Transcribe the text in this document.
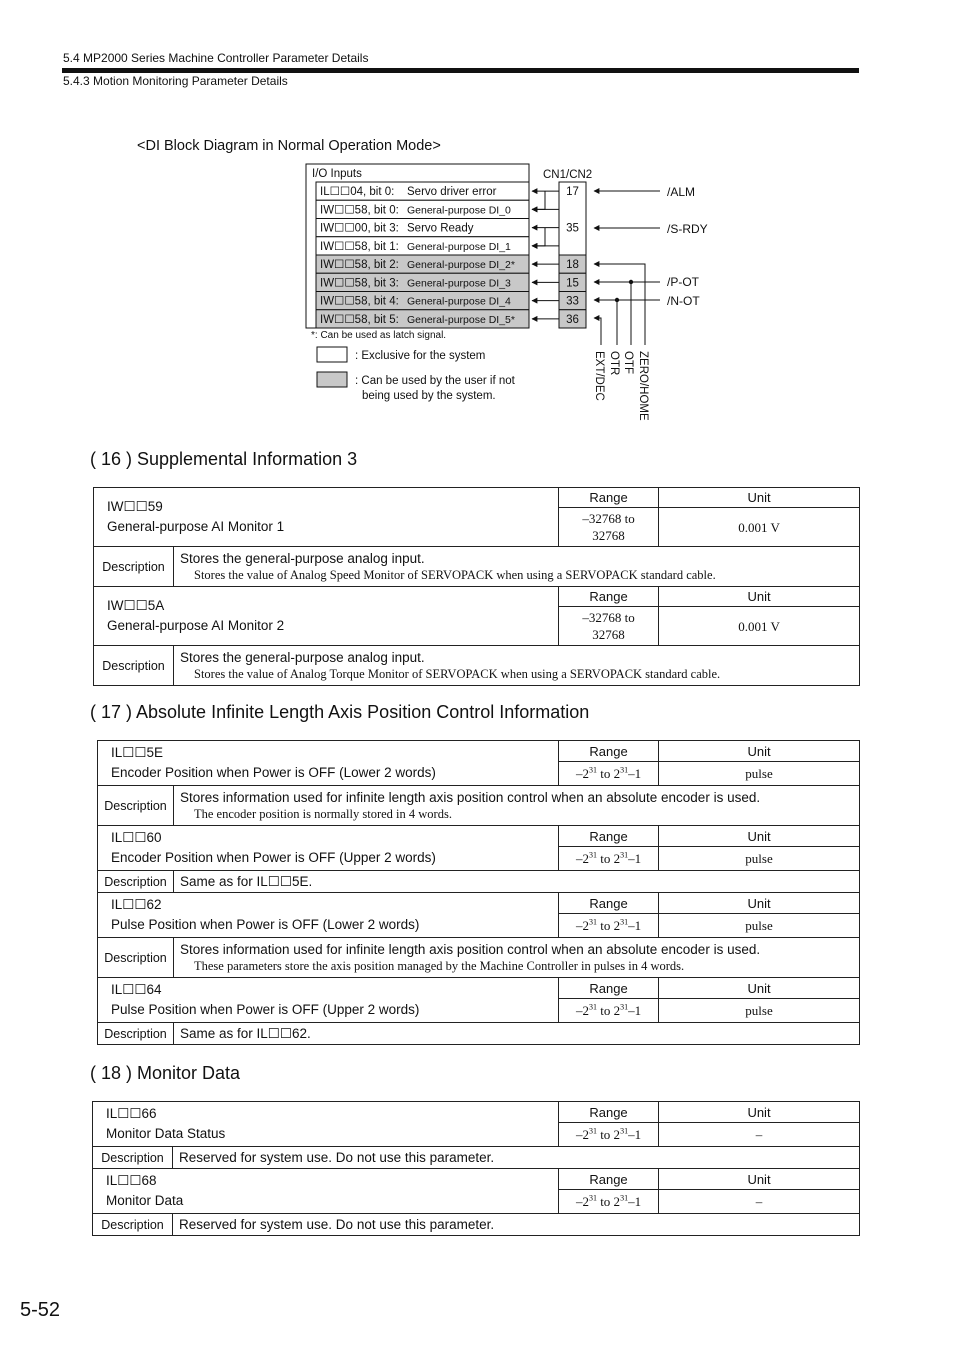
5.4 MP2000 Series Machine Controller Parameter Details
5.4.3 Motion Monitoring Parameter Details
<DI Block Diagram in Normal Operation Mode>
I/O Inputs	CN1/CN2
IL☐☐04, bit 0: Servo driver error	17
IW☐☐58, bit 0: General-purpose DI_0
IW☐☐00, bit 3: Servo Ready	35
IW☐☐58, bit 1: General-purpose DI_1
IW☐☐58, bit 2: General-purpose DI_2*	18
IW☐☐58, bit 3: General-purpose DI_3	15
IW☐☐58, bit 4: General-purpose DI_4	33
IW☐☐58, bit 5: General-purpose DI_5*	36
/ALM
/S-RDY
/P-OT
/N-OT
EXT/DEC OTR OTF ZERO/HOME
*: Can be used as latch signal.
: Exclusive for the system
: Can be used by the user if not
being used by the system.
( 16 ) Supplemental Information 3
IW☐☐59
General-purpose AI Monitor 1		Range	Unit

		–32768 to
32768	0.001 V
Description	Stores the general-purpose analog input.
Stores the value of Analog Speed Monitor of SERVOPACK when using a SERVOPACK standard cable.		

IW☐☐5A
General-purpose AI Monitor 2		Range	Unit

		–32768 to
32768	0.001 V
Description	Stores the general-purpose analog input.
Stores the value of Analog Torque Monitor of SERVOPACK when using a SERVOPACK standard cable.		
( 17 ) Absolute Infinite Length Axis Position Control Information
IL☐☐5E
Encoder Position when Power is OFF (Lower 2 words)		Range	Unit
		$-2^{31}$ to $2^{31}-1$	pulse
Description	Stores information used for infinite length axis position control when an absolute encoder is used.
The encoder position is normally stored in 4 words.		

IL☐☐60
Encoder Position when Power is OFF (Upper 2 words)		Range	Unit
		$-2^{31}$ to $2^{31}-1$	pulse
Description	Same as for IL☐☐5E.		

IL☐☐62
Pulse Position when Power is OFF (Lower 2 words)		Range	Unit
		$-2^{31}$ to $2^{31}-1$	pulse
Description	Stores information used for infinite length axis position control when an absolute encoder is used.
These parameters store the axis position managed by the Machine Controller in pulses in 4 words.		

IL☐☐64
Pulse Position when Power is OFF (Upper 2 words)		Range	Unit
		$-2^{31}$ to $2^{31}-1$	pulse
Description	Same as for IL☐☐62.		
( 18 ) Monitor Data
IL☐☐66
Monitor Data Status		Range	Unit
		$-2^{31}$ to $2^{31}-1$	–
Description	Reserved for system use. Do not use this parameter.		

IL☐☐68
Monitor Data		Range	Unit
		$-2^{31}$ to $2^{31}-1$	–
Description	Reserved for system use. Do not use this parameter.		
5-52
